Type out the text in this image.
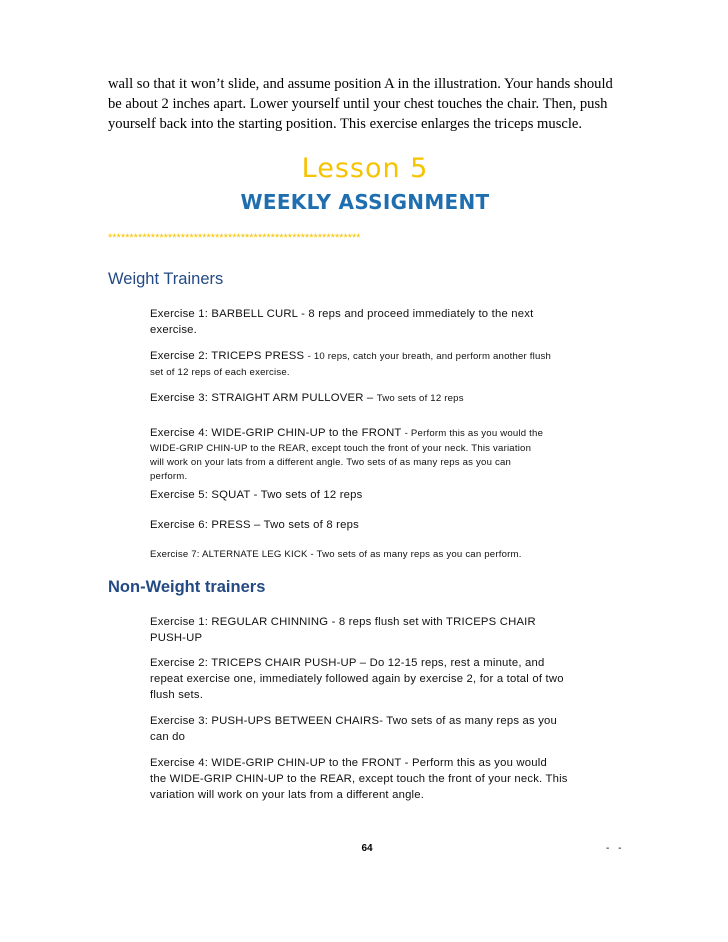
wall so that it won’t slide, and assume position A in the illustration. Your hands should

be about 2 inches apart. Lower yourself until your chest touches the chair. Then, push

yourself back into the starting position. This exercise enlarges the triceps muscle.

Lesson 5
WEEKLY ASSIGNMENT
***********************************************************
Weight Trainers

Exercise 1: BARBELL CURL - 8 reps and proceed immediately to the next

exercise.

Exercise 2: TRICEPS PRESS - 10 reps, catch your breath, and perform another flush

set of 12 reps of each exercise.

Exercise 3: STRAIGHT ARM PULLOVER – Two sets of 12 reps

Exercise 4: WIDE-GRIP CHIN-UP to the FRONT - Perform this as you would the

WIDE-GRIP CHIN-UP to the REAR, except touch the front of your neck. This variation

will work on your lats from a different angle. Two sets of as many reps as you can

perform.

Exercise 5: SQUAT - Two sets of 12 reps

Exercise 6: PRESS – Two sets of 8 reps

Exercise 7: ALTERNATE LEG KICK - Two sets of as many reps as you can perform.

Non-Weight trainers

Exercise 1: REGULAR CHINNING - 8 reps flush set with TRICEPS CHAIR

PUSH-UP

Exercise 2: TRICEPS CHAIR PUSH-UP – Do 12-15 reps, rest a minute, and

repeat exercise one, immediately followed again by exercise 2, for a total of two

flush sets.

Exercise 3: PUSH-UPS BETWEEN CHAIRS- Two sets of as many reps as you

can do

Exercise 4: WIDE-GRIP CHIN-UP to the FRONT - Perform this as you would

the WIDE-GRIP CHIN-UP to the REAR, except touch the front of your neck. This

variation will work on your lats from a different angle.

64	- -
